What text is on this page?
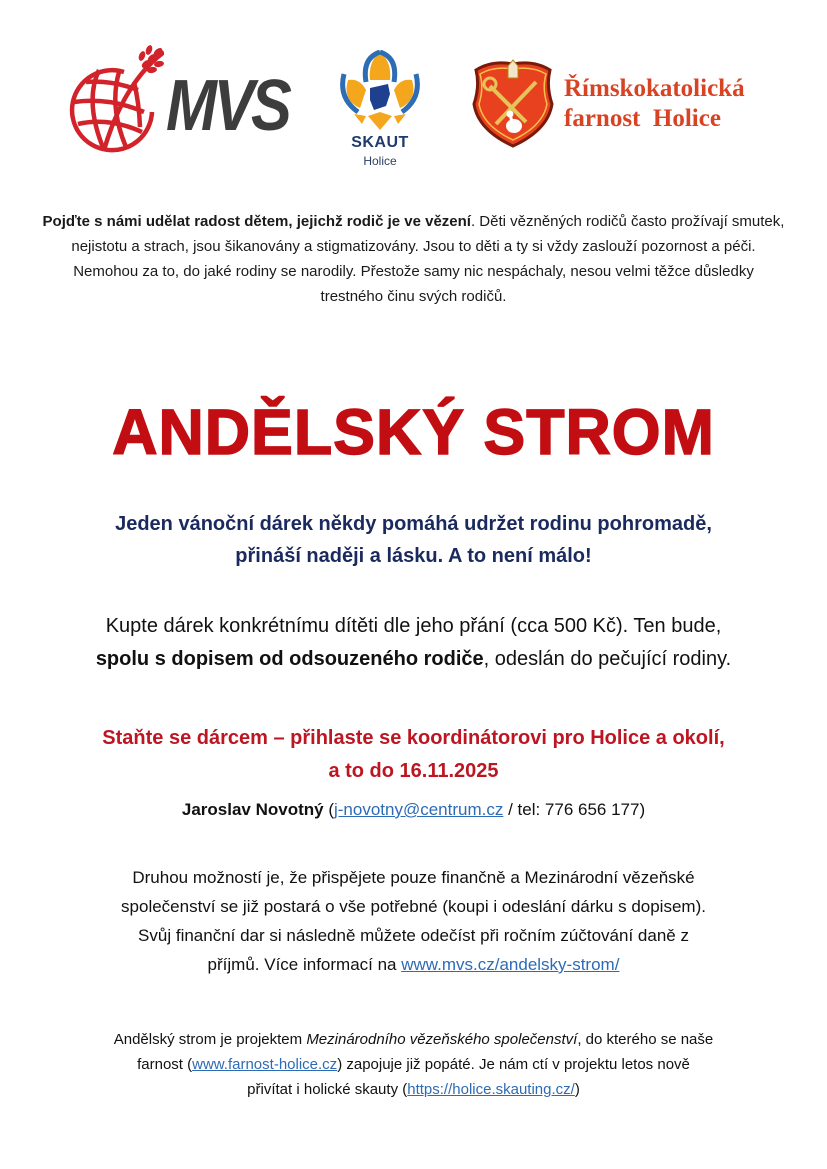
MVS	SKAUT
Holice
Římskokatolická
farnost  Holice
Pojďte s námi udělat radost dětem, jejichž rodič je ve vězení. Děti vězněných rodičů často prožívají smutek, nejistotu a strach, jsou šikanovány a stigmatizovány. Jsou to děti a ty si vždy zaslouží pozornost a péči. Nemohou za to, do jaké rodiny se narodily. Přestože samy nic nespáchaly, nesou velmi těžce důsledky trestného činu svých rodičů.
ANDĚLSKÝ STROM
Jeden vánoční dárek někdy pomáhá udržet rodinu pohromadě,
přináší naději a lásku. A to není málo!
Kupte dárek konkrétnímu dítěti dle jeho přání (cca 500 Kč). Ten bude,
spolu s dopisem od odsouzeného rodiče, odeslán do pečující rodiny.
Staňte se dárcem – přihlaste se koordinátorovi pro Holice a okolí,
a to do 16.11.2025
Jaroslav Novotný (j-novotny@centrum.cz / tel: 776 656 177)
Druhou možností je, že přispějete pouze finančně a Mezinárodní vězeňské
společenství se již postará o vše potřebné (koupi i odeslání dárku s dopisem).
Svůj finanční dar si následně můžete odečíst při ročním zúčtování daně z
příjmů. Více informací na www.mvs.cz/andelsky-strom/
Andělský strom je projektem Mezinárodního vězeňského společenství, do kterého se naše
farnost (www.farnost-holice.cz) zapojuje již popáté. Je nám ctí v projektu letos nově
přivítat i holické skauty (https://holice.skauting.cz/)
